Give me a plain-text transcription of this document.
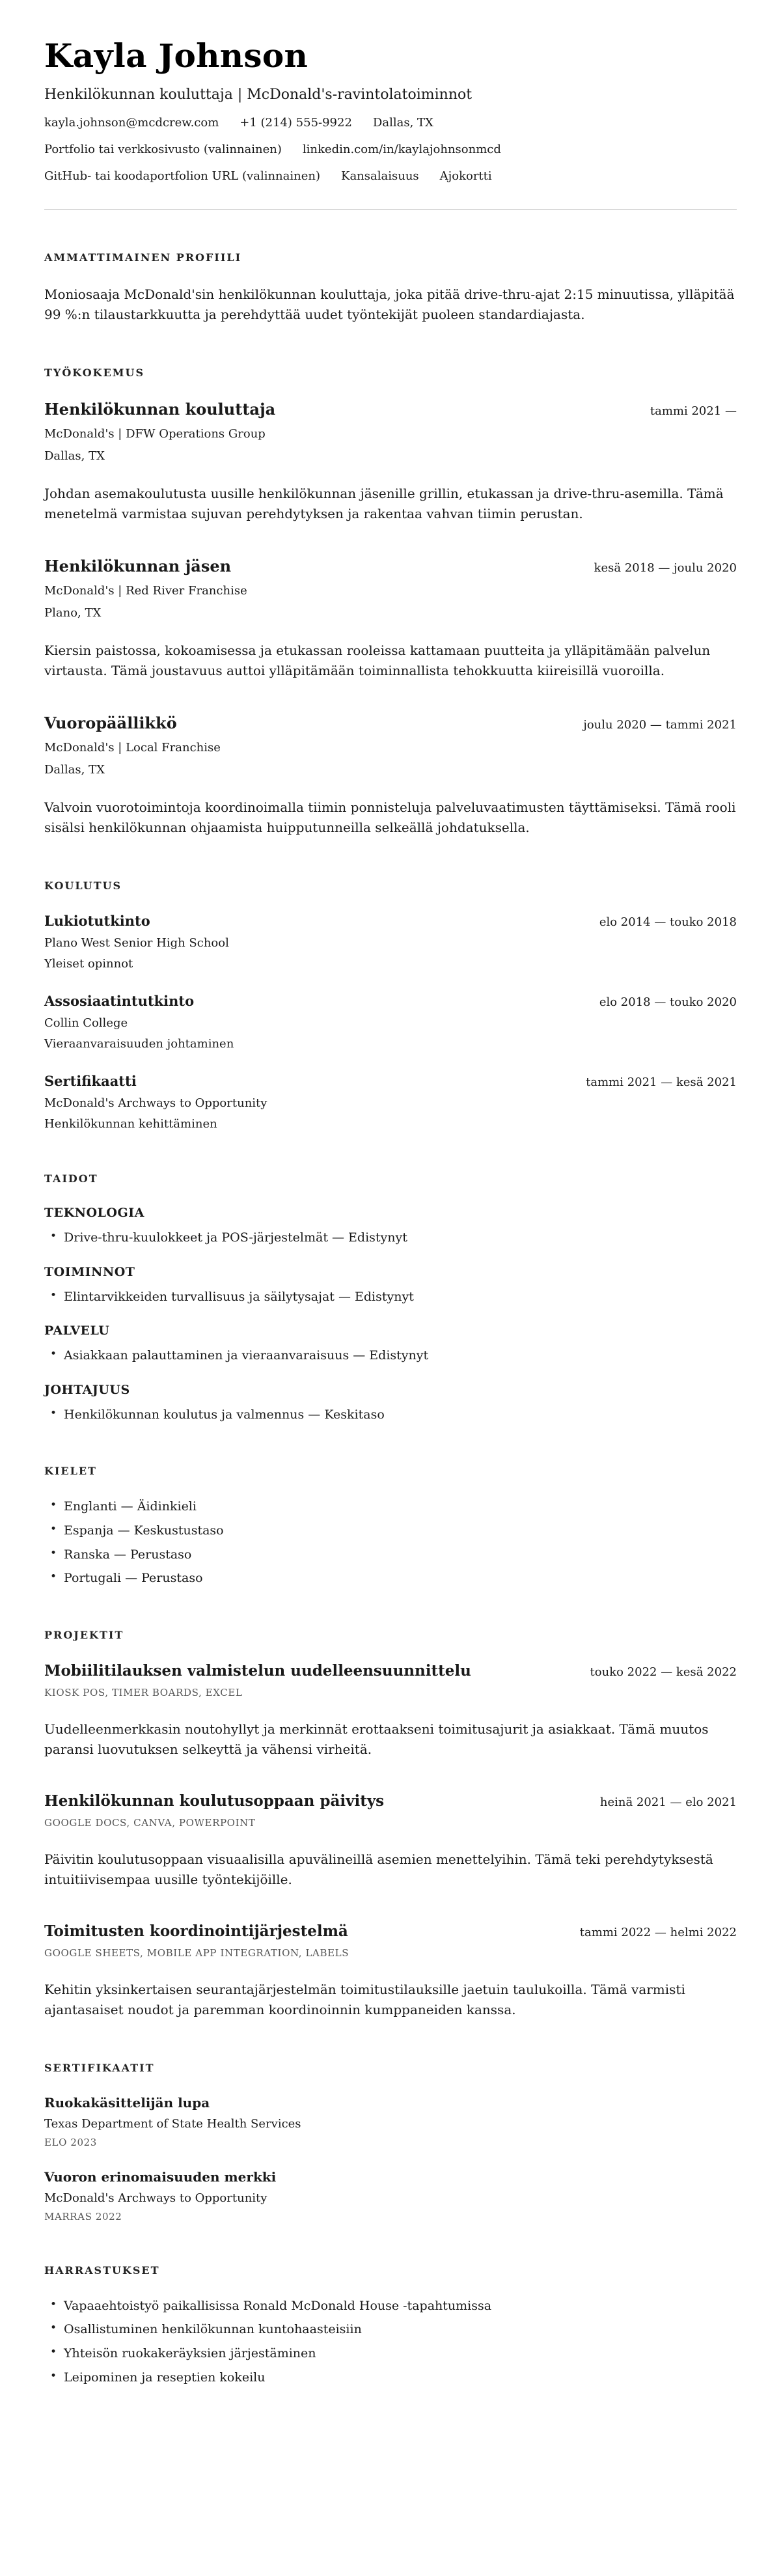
Kayla Johnson
Henkilökunnan kouluttaja | McDonald's-ravintolatoiminnot
kayla.johnson@mcdcrew.com +1 (214) 555-9922 Dallas, TX
Portfolio tai verkkosivusto (valinnainen) linkedin.com/in/kaylajohnsonmcd
GitHub- tai koodaportfolion URL (valinnainen) Kansalaisuus Ajokortti
AMMATTIMAINEN PROFIILI

Moniosaaja McDonald'sin henkilökunnan kouluttaja, joka pitää drive-thru-ajat 2:15 minuutissa, ylläpitää 99 %:n tilaustarkkuutta ja perehdyttää uudet työntekijät puoleen standardiajasta.

TYÖKOKEMUS
Henkilökunnan kouluttaja	tammi 2021 —
McDonald's | DFW Operations Group
Dallas, TX

Johdan asemakoulutusta uusille henkilökunnan jäsenille grillin, etukassan ja drive-thru-asemilla. Tämä menetelmä varmistaa sujuvan perehdytyksen ja rakentaa vahvan tiimin perustan.

Henkilökunnan jäsen	kesä 2018 — joulu 2020
McDonald's | Red River Franchise
Plano, TX

Kiersin paistossa, kokoamisessa ja etukassan rooleissa kattamaan puutteita ja ylläpitämään palvelun virtausta. Tämä joustavuus auttoi ylläpitämään toiminnallista tehokkuutta kiireisillä vuoroilla.

Vuoropäällikkö	joulu 2020 — tammi 2021
McDonald's | Local Franchise
Dallas, TX

Valvoin vuorotoimintoja koordinoimalla tiimin ponnisteluja palveluvaatimusten täyttämiseksi. Tämä rooli sisälsi henkilökunnan ohjaamista huipputunneilla selkeällä johdatuksella.

KOULUTUS
Lukiotutkinto	elo 2014 — touko 2018
Plano West Senior High School
Yleiset opinnot
Assosiaatintutkinto	elo 2018 — touko 2020
Collin College
Vieraanvaraisuuden johtaminen
Sertifikaatti	tammi 2021 — kesä 2021
McDonald's Archways to Opportunity
Henkilökunnan kehittäminen
TAIDOT
TEKNOLOGIA
• Drive-thru-kuulokkeet ja POS-järjestelmät — Edistynyt
TOIMINNOT
• Elintarvikkeiden turvallisuus ja säilytysajat — Edistynyt
PALVELU
• Asiakkaan palauttaminen ja vieraanvaraisuus — Edistynyt
JOHTAJUUS
• Henkilökunnan koulutus ja valmennus — Keskitaso
KIELET
• Englanti — Äidinkieli
• Espanja — Keskustustaso
• Ranska — Perustaso
• Portugali — Perustaso
PROJEKTIT
Mobiilitilauksen valmistelun uudelleensuunnittelu	touko 2022 — kesä 2022
KIOSK POS, TIMER BOARDS, EXCEL

Uudelleenmerkkasin noutohyllyt ja merkinnät erottaakseni toimitusajurit ja asiakkaat. Tämä muutos paransi luovutuksen selkeyttä ja vähensi virheitä.

Henkilökunnan koulutusoppaan päivitys	heinä 2021 — elo 2021
GOOGLE DOCS, CANVA, POWERPOINT

Päivitin koulutusoppaan visuaalisilla apuvälineillä asemien menettelyihin. Tämä teki perehdytyksestä intuitiivisempaa uusille työntekijöille.

Toimitusten koordinointijärjestelmä	tammi 2022 — helmi 2022
GOOGLE SHEETS, MOBILE APP INTEGRATION, LABELS

Kehitin yksinkertaisen seurantajärjestelmän toimitustilauksille jaetuin taulukoilla. Tämä varmisti ajantasaiset noudot ja paremman koordinoinnin kumppaneiden kanssa.

SERTIFIKAATIT
Ruokakäsittelijän lupa
Texas Department of State Health Services
ELO 2023
Vuoron erinomaisuuden merkki
McDonald's Archways to Opportunity
MARRAS 2022
HARRASTUKSET
• Vapaaehtoistyö paikallisissa Ronald McDonald House -tapahtumissa
• Osallistuminen henkilökunnan kuntohaasteisiin
• Yhteisön ruokakeräyksien järjestäminen
• Leipominen ja reseptien kokeilu
